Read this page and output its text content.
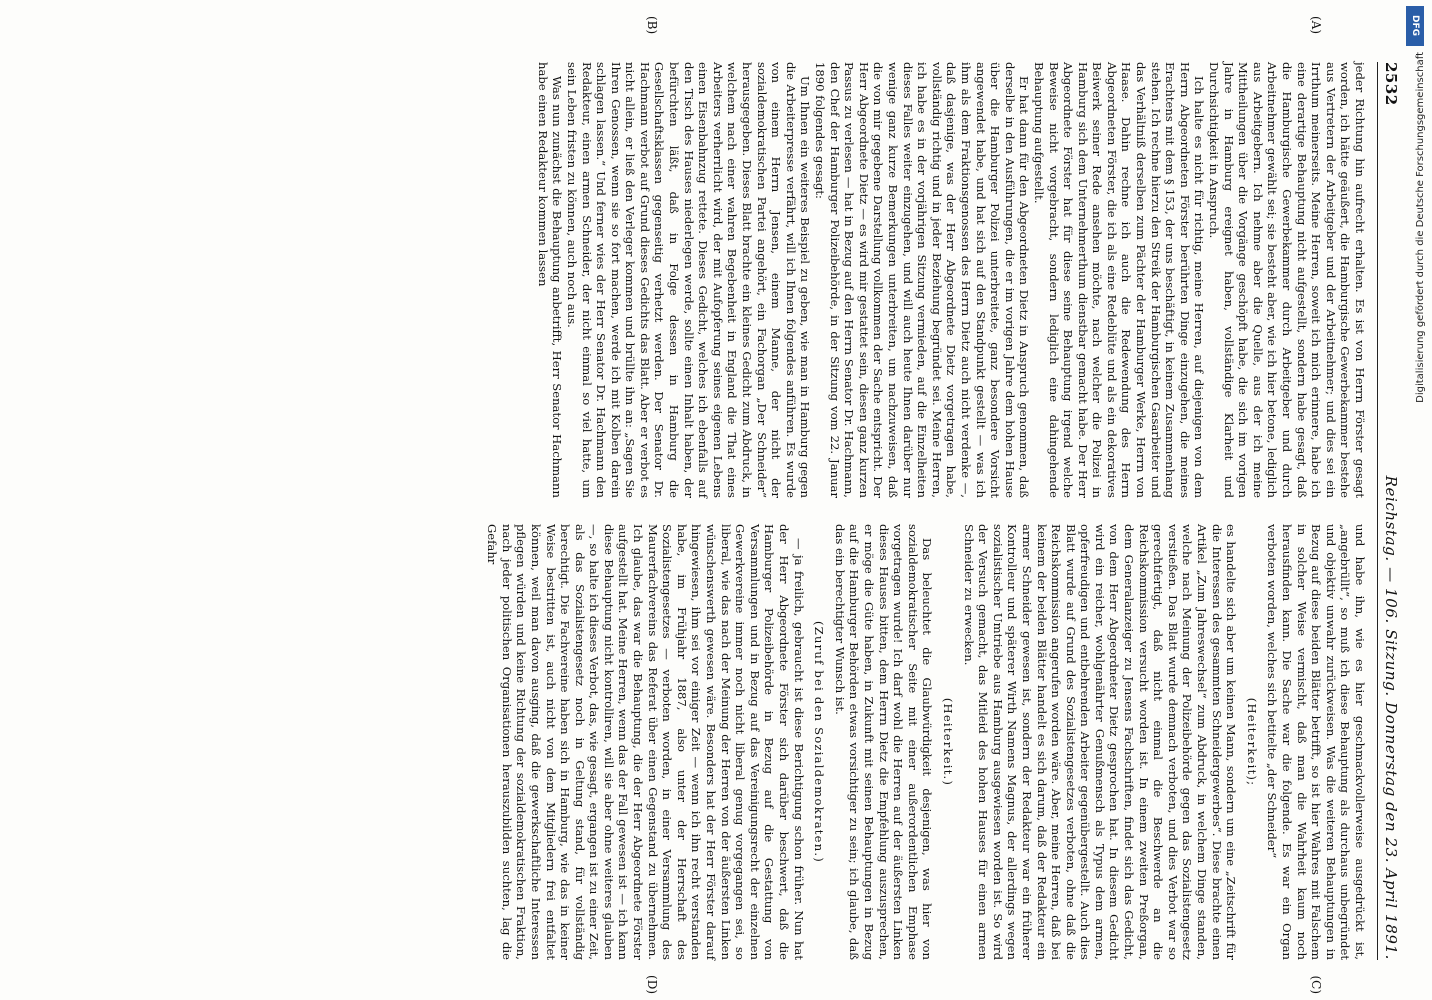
2532
Reichstag. — 106. Sitzung. Donnerstag den 23. April 1891.
(A)
(B)

jeder Richtung hin aufrecht erhalten. Es ist von Herrn Förster gesagt worden, ich hätte geäußert, die Hamburgische Gewerbekammer bestehe aus Vertretern der Arbeitgeber und der Arbeitnehmer; und dies sei ein Irrthum meinerseits. Meine Herren, soweit ich mich erinnere, habe ich eine derartige Behauptung nicht aufgestellt, sondern habe gesagt, daß die Hamburgische Gewerbekammer durch Arbeitgeber und durch Arbeitnehmer gewählt sei; sie besteht aber, wie ich hier betone, lediglich aus Arbeitgebern. Ich nehme aber die Quelle, aus der ich meine Mittheilungen über die Vorgänge geschöpft habe, die sich im vorigen Jahre in Hamburg ereignet haben, vollständige Klarheit und Durchsichtigkeit in Anspruch.

Ich halte es nicht für richtig, meine Herren, auf diejenigen von dem Herrn Abgeordneten Förster berührten Dinge einzugehen, die meines Erachtens mit dem § 153, der uns beschäftigt, in keinem Zusammenhang stehen. Ich rechne hierzu den Streik der Hamburgischen Gasarbeiter und das Verhältniß derselben zum Pächter der Hamburger Werke, Herrn von Haase. Dahin rechne ich auch die Redewendung des Herrn Abgeordneten Förster, die ich als eine Redeblüte und als ein dekoratives Beiwerk seiner Rede ansehen möchte, nach welcher die Polizei in Hamburg sich dem Unternehmerthum dienstbar gemacht habe. Der Herr Abgeordnete Förster hat für diese seine Behauptung irgend welche Beweise nicht vorgebracht, sondern lediglich eine dahingehende Behauptung aufgestellt.

Er hat dann für den Abgeordneten Dietz in Anspruch genommen, daß derselbe in den Ausführungen, die er im vorigen Jahre dem hohen Hause über die Hamburger Polizei unterbreitete, ganz besondere Vorsicht angewendet habe, und hat sich auf den Standpunkt gestellt — was ich ihm als dem Fraktionsgenossen des Herrn Dietz auch nicht verdenke —, daß dasjenige, was der Herr Abgeordnete Dietz vorgetragen habe, vollständig richtig und in jeder Beziehung begründet sei. Meine Herren, ich habe es in der vorjährigen Sitzung vermieden, auf die Einzelheiten dieses Falles weiter einzugehen, und will auch heute Ihnen darüber nur wenige ganz kurze Bemerkungen unterbreiten, um nachzuweisen, daß die von mir gegebene Darstellung vollkommen der Sache entspricht. Der Herr Abgeordnete Dietz — es wird mir gestattet sein, diesen ganz kurzen Passus zu verlesen — hat in Bezug auf den Herrn Senator Dr. Hachmann, den Chef der Hamburger Polizeibehörde, in der Sitzung vom 22. Januar 1890 folgendes gesagt:

Um Ihnen ein weiteres Beispiel zu geben, wie man in Hamburg gegen die Arbeiterpresse verfährt, will ich Ihnen folgendes anführen. Es wurde von einem Herrn Jensen, einem Manne, der nicht der sozialdemokratischen Partei angehört, ein Fachorgan „Der Schneider“ herausgegeben. Dieses Blatt brachte ein kleines Gedicht zum Abdruck, in welchem nach einer wahren Begebenheit in England die That eines Arbeiters verherrlicht wird, der mit Aufopferung seines eigenen Lebens einen Eisenbahnzug rettete. Dieses Gedicht, welches ich ebenfalls auf den Tisch des Hauses niederlegen werde, sollte einen Inhalt haben, der befürchten läßt, daß in Folge dessen in Hamburg die Gesellschaftsklassen gegenseitig verhetzt werden. Der Senator Dr. Hachmann verbot auf Grund dieses Gedichts das Blatt. Aber er verbot es nicht allein, er ließ den Verleger kommen und brüllte ihn an: „Sagen Sie Ihren Genossen, wenn sie so fort machen, werde ich mit Kolben darein schlagen lassen.“ Und ferner wies der Herr Senator Dr. Hachmann den Redakteur, einen armen Schneider, der nicht einmal so viel hatte, um sein Leben fristen zu können, auch noch aus.

Was nun zunächst die Behauptung anbetrifft, Herr Senator Hachmann habe einen Redakteur kommen lassen

(C)
(D)

und habe ihn, wie es hier geschmackvollerweise ausgedrückt ist, „angebrüllt“, so muß ich diese Behauptung als durchaus unbegründet und objektiv unwahr zurückweisen. Was die weiteren Behauptungen in Bezug auf diese beiden Blätter betrifft, so ist hier Wahres mit Falschem in solcher Weise vermischt, daß man die Wahrheit kaum noch herausfinden kann. Die Sache war die folgende. Es war ein Organ verboten worden, welches sich betitelte „der Schneider“

(Heiterkeit);

es handelte sich aber um keinen Mann, sondern um eine „Zeitschrift für die Interessen des gesammten Schneidergewerbes“. Diese brachte einen Artikel „Zum Jahreswechsel“ zum Abdruck, in welchem Dinge standen, welche nach Meinung der Polizeibehörde gegen das Sozialistengesetz verstießen. Das Blatt wurde demnach verboten, und dies Verbot war so gerechtfertigt, daß nicht einmal die Beschwerde an die Reichskommission versucht worden ist. In einem zweiten Preßorgan, dem Generalanzeiger zu Jensens Fachschriften, findet sich das Gedicht, von dem Herr Abgeordneter Dietz gesprochen hat. In diesem Gedicht wird ein reicher, wohlgenährter Genußmensch als Typus dem armen, opferfreudigen und entbehrenden Arbeiter gegenübergestellt. Auch dies Blatt wurde auf Grund des Sozialistengesetzes verboten, ohne daß die Reichskommission angerufen worden wäre. Aber, meine Herren, daß bei keinem der beiden Blätter handelt es sich darum, daß der Redakteur ein armer Schneider gewesen ist, sondern der Redakteur war ein früherer Kontrolleur und späterer Wirth Namens Magnus, der allerdings wegen sozialistischer Umtriebe aus Hamburg ausgewiesen worden ist. So wird der Versuch gemacht, das Mitleid des hohen Hauses für einen armen Schneider zu erwecken.

(Heiterkeit.)

Das beleuchtet die Glaubwürdigkeit desjenigen, was hier von sozialdemokratischer Seite mit einer außerordentlichen Emphase vorgetragen wurde! Ich darf wohl die Herren auf der äußersten Linken dieses Hauses bitten, dem Herrn Dietz die Empfehlung auszusprechen, er möge die Güte haben, in Zukunft mit seinen Behauptungen in Bezug auf die Hamburger Behörden etwas vorsichtiger zu sein; ich glaube, daß das ein berechtigter Wunsch ist.

(Zuruf bei den Sozialdemokraten.)

— ja freilich, gebraucht ist diese Berichtigung schon früher. Nun hat der Herr Abgeordnete Förster sich darüber beschwert, daß die Hamburger Polizeibehörde in Bezug auf die Gestattung von Versammlungen und in Bezug auf das Vereinigungsrecht der einzelnen Gewerkvereine immer noch nicht liberal genug vorgegangen sei, so liberal, wie das nach der Meinung der Herren von der äußersten Linken wünschenswerth gewesen wäre. Besonders hat der Herr Förster darauf hingewiesen, ihm sei vor einiger Zeit — wenn ich ihn recht verstanden habe, im Frühjahr 1887, also unter der Herrschaft des Sozialistengesetzes — verboten worden, in einer Versammlung des Maurerfachvereins das Referat über einen Gegenstand zu übernehmen. Ich glaube, das war die Behauptung, die der Herr Abgeordnete Förster aufgestellt hat. Meine Herren, wenn das der Fall gewesen ist — ich kann diese Behauptung nicht kontrolliren, will sie aber ohne weiteres glauben —, so halte ich dieses Verbot, das, wie gesagt, ergangen ist zu einer Zeit, als das Sozialistengesetz noch in Geltung stand, für vollständig berechtigt. Die Fachvereine haben sich in Hamburg, wie das in keiner Weise bestritten ist, auch nicht von dem Mitgliedern frei entfaltet können, weil man davon ausging, daß die gewerkschaftliche Interessen pflegen würden und keine Richtung der sozialdemokratischen Fraktion, nach jeder politischen Organisationen herauszubilden suchten, lag die Gefahr

DFG
Digitalisierung gefördert durch die Deutsche Forschungsgemeinschaft
